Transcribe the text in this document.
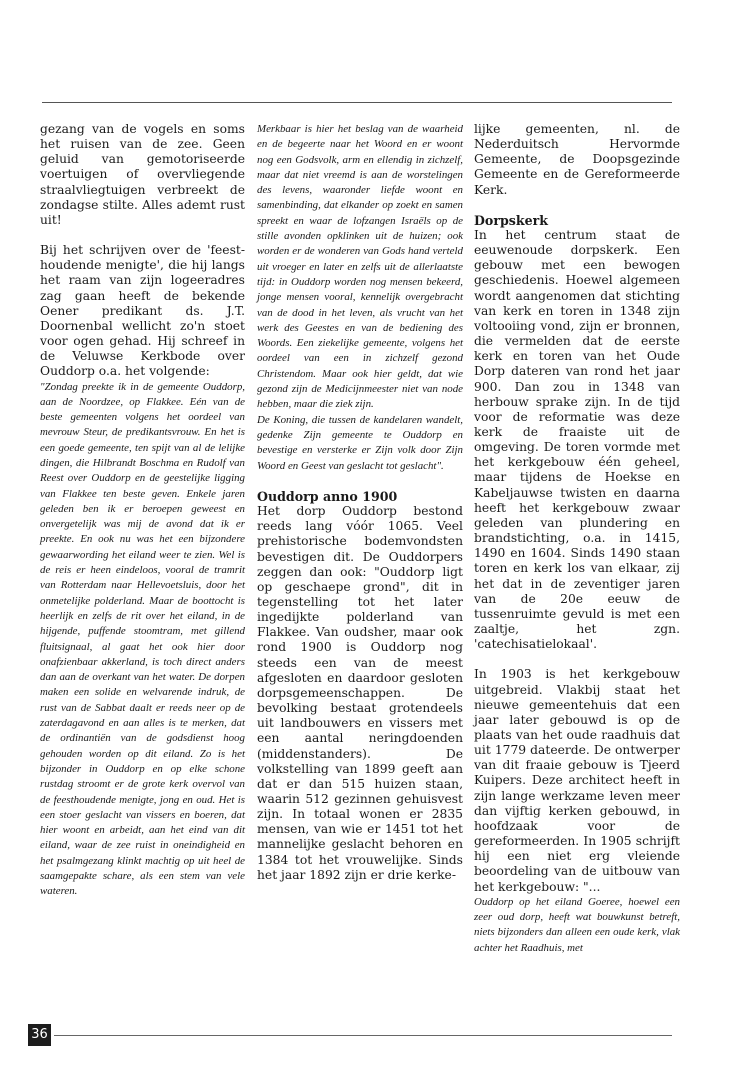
gezang van de vogels en soms het ruisen van de zee. Geen geluid van gemotoriseerde voertuigen of overvliegende straalvliegtuigen verbreekt de zondagse stilte. Alles ademt rust uit!

Bij het schrijven over de 'feest-houdende menigte', die hij langs het raam van zijn logeeradres zag gaan heeft de bekende Oener predikant ds. J.T. Doornenbal wellicht zo'n stoet voor ogen gehad. Hij schreef in de Veluwse Kerkbode over Ouddorp o.a. het volgende:

"Zondag preekte ik in de gemeente Ouddorp, aan de Noordzee, op Flakkee. Eén van de beste gemeenten volgens het oordeel van mevrouw Steur, de predikantsvrouw. En het is een goede gemeente, ten spijt van al de lelijke dingen, die Hilbrandt Boschma en Rudolf van Reest over Ouddorp en de geestelijke ligging van Flakkee ten beste geven. Enkele jaren geleden ben ik er beroepen geweest en onvergetelijk was mij de avond dat ik er preekte. En ook nu was het een bijzondere gewaarwording het eiland weer te zien. Wel is de reis er heen eindeloos, vooral de tramrit van Rotterdam naar Hellevoetsluis, door het onmetelijke polderland. Maar de boottocht is heerlijk en zelfs de rit over het eiland, in de hijgende, puffende stoomtram, met gillend fluitsignaal, al gaat het ook hier door onafzienbaar akkerland, is toch direct anders dan aan de overkant van het water. De dorpen maken een solide en welvarende indruk, de rust van de Sabbat daalt er reeds neer op de zaterdagavond en aan alles is te merken, dat de ordinantiën van de godsdienst hoog gehouden worden op dit eiland. Zo is het bijzonder in Ouddorp en op elke schone rustdag stroomt er de grote kerk overvol van de feesthoudende menigte, jong en oud. Het is een stoer geslacht van vissers en boeren, dat hier woont en arbeidt, aan het eind van dit eiland, waar de zee ruist in oneindigheid en het psalmgezang klinkt machtig op uit heel de saamgepakte schare, als een stem van vele wateren.

Merkbaar is hier het beslag van de waarheid en de begeerte naar het Woord en er woont nog een Godsvolk, arm en ellendig in zichzelf, maar dat niet vreemd is aan de worstelingen des levens, waaronder liefde woont en samenbinding, dat elkander op zoekt en samen spreekt en waar de lofzangen Israëls op de stille avonden opklinken uit de huizen; ook worden er de wonderen van Gods hand verteld uit vroeger en later en zelfs uit de allerlaatste tijd: in Ouddorp worden nog mensen bekeerd, jonge mensen vooral, kennelijk overgebracht van de dood in het leven, als vrucht van het werk des Geestes en van de bediening des Woords. Een ziekelijke gemeente, volgens het oordeel van een in zichzelf gezond Christendom. Maar ook hier geldt, dat wie gezond zijn de Medicijnmeester niet van node hebben, maar die ziek zijn.

De Koning, die tussen de kandelaren wandelt, gedenke Zijn gemeente te Ouddorp en bevestige en versterke er Zijn volk door Zijn Woord en Geest van geslacht tot geslacht".

Ouddorp anno 1900

Het dorp Ouddorp bestond reeds lang vóór 1065. Veel prehistorische bodemvondsten bevestigen dit. De Ouddorpers zeggen dan ook: "Ouddorp ligt op geschaepe grond", dit in tegenstelling tot het later ingedijkte polderland van Flakkee. Van oudsher, maar ook rond 1900 is Ouddorp nog steeds een van de meest afgesloten en daardoor gesloten dorpsgemeenschappen. De bevolking bestaat grotendeels uit landbouwers en vissers met een aantal neringdoenden (middenstanders). De volkstelling van 1899 geeft aan dat er dan 515 huizen staan, waarin 512 gezinnen gehuisvest zijn. In totaal wonen er 2835 mensen, van wie er 1451 tot het mannelijke geslacht behoren en 1384 tot het vrouwelijke. Sinds het jaar 1892 zijn er drie kerke-

lijke gemeenten, nl. de Nederduitsch Hervormde Gemeente, de Doopsgezinde Gemeente en de Gereformeerde Kerk.

Dorpskerk

In het centrum staat de eeuwenoude dorpskerk. Een gebouw met een bewogen geschiedenis. Hoewel algemeen wordt aangenomen dat stichting van kerk en toren in 1348 zijn voltooiing vond, zijn er bronnen, die vermelden dat de eerste kerk en toren van het Oude Dorp dateren van rond het jaar 900. Dan zou in 1348 van herbouw sprake zijn. In de tijd voor de reformatie was deze kerk de fraaiste uit de omgeving. De toren vormde met het kerkgebouw één geheel, maar tijdens de Hoekse en Kabeljauwse twisten en daarna heeft het kerkgebouw zwaar geleden van plundering en brandstichting, o.a. in 1415, 1490 en 1604. Sinds 1490 staan toren en kerk los van elkaar, zij het dat in de zeventiger jaren van de 20e eeuw de tussenruimte gevuld is met een zaaltje, het zgn. 'catechisatielokaal'.

In 1903 is het kerkgebouw uitgebreid. Vlakbij staat het nieuwe gemeentehuis dat een jaar later gebouwd is op de plaats van het oude raadhuis dat uit 1779 dateerde. De ontwerper van dit fraaie gebouw is Tjeerd Kuipers. Deze architect heeft in zijn lange werkzame leven meer dan vijftig kerken gebouwd, in hoofdzaak voor de gereformeerden. In 1905 schrijft hij een niet erg vleiende beoordeling van de uitbouw van het kerkgebouw: "...

Ouddorp op het eiland Goeree, hoewel een zeer oud dorp, heeft wat bouwkunst betreft, niets bijzonders dan alleen een oude kerk, vlak achter het Raadhuis, met

36
